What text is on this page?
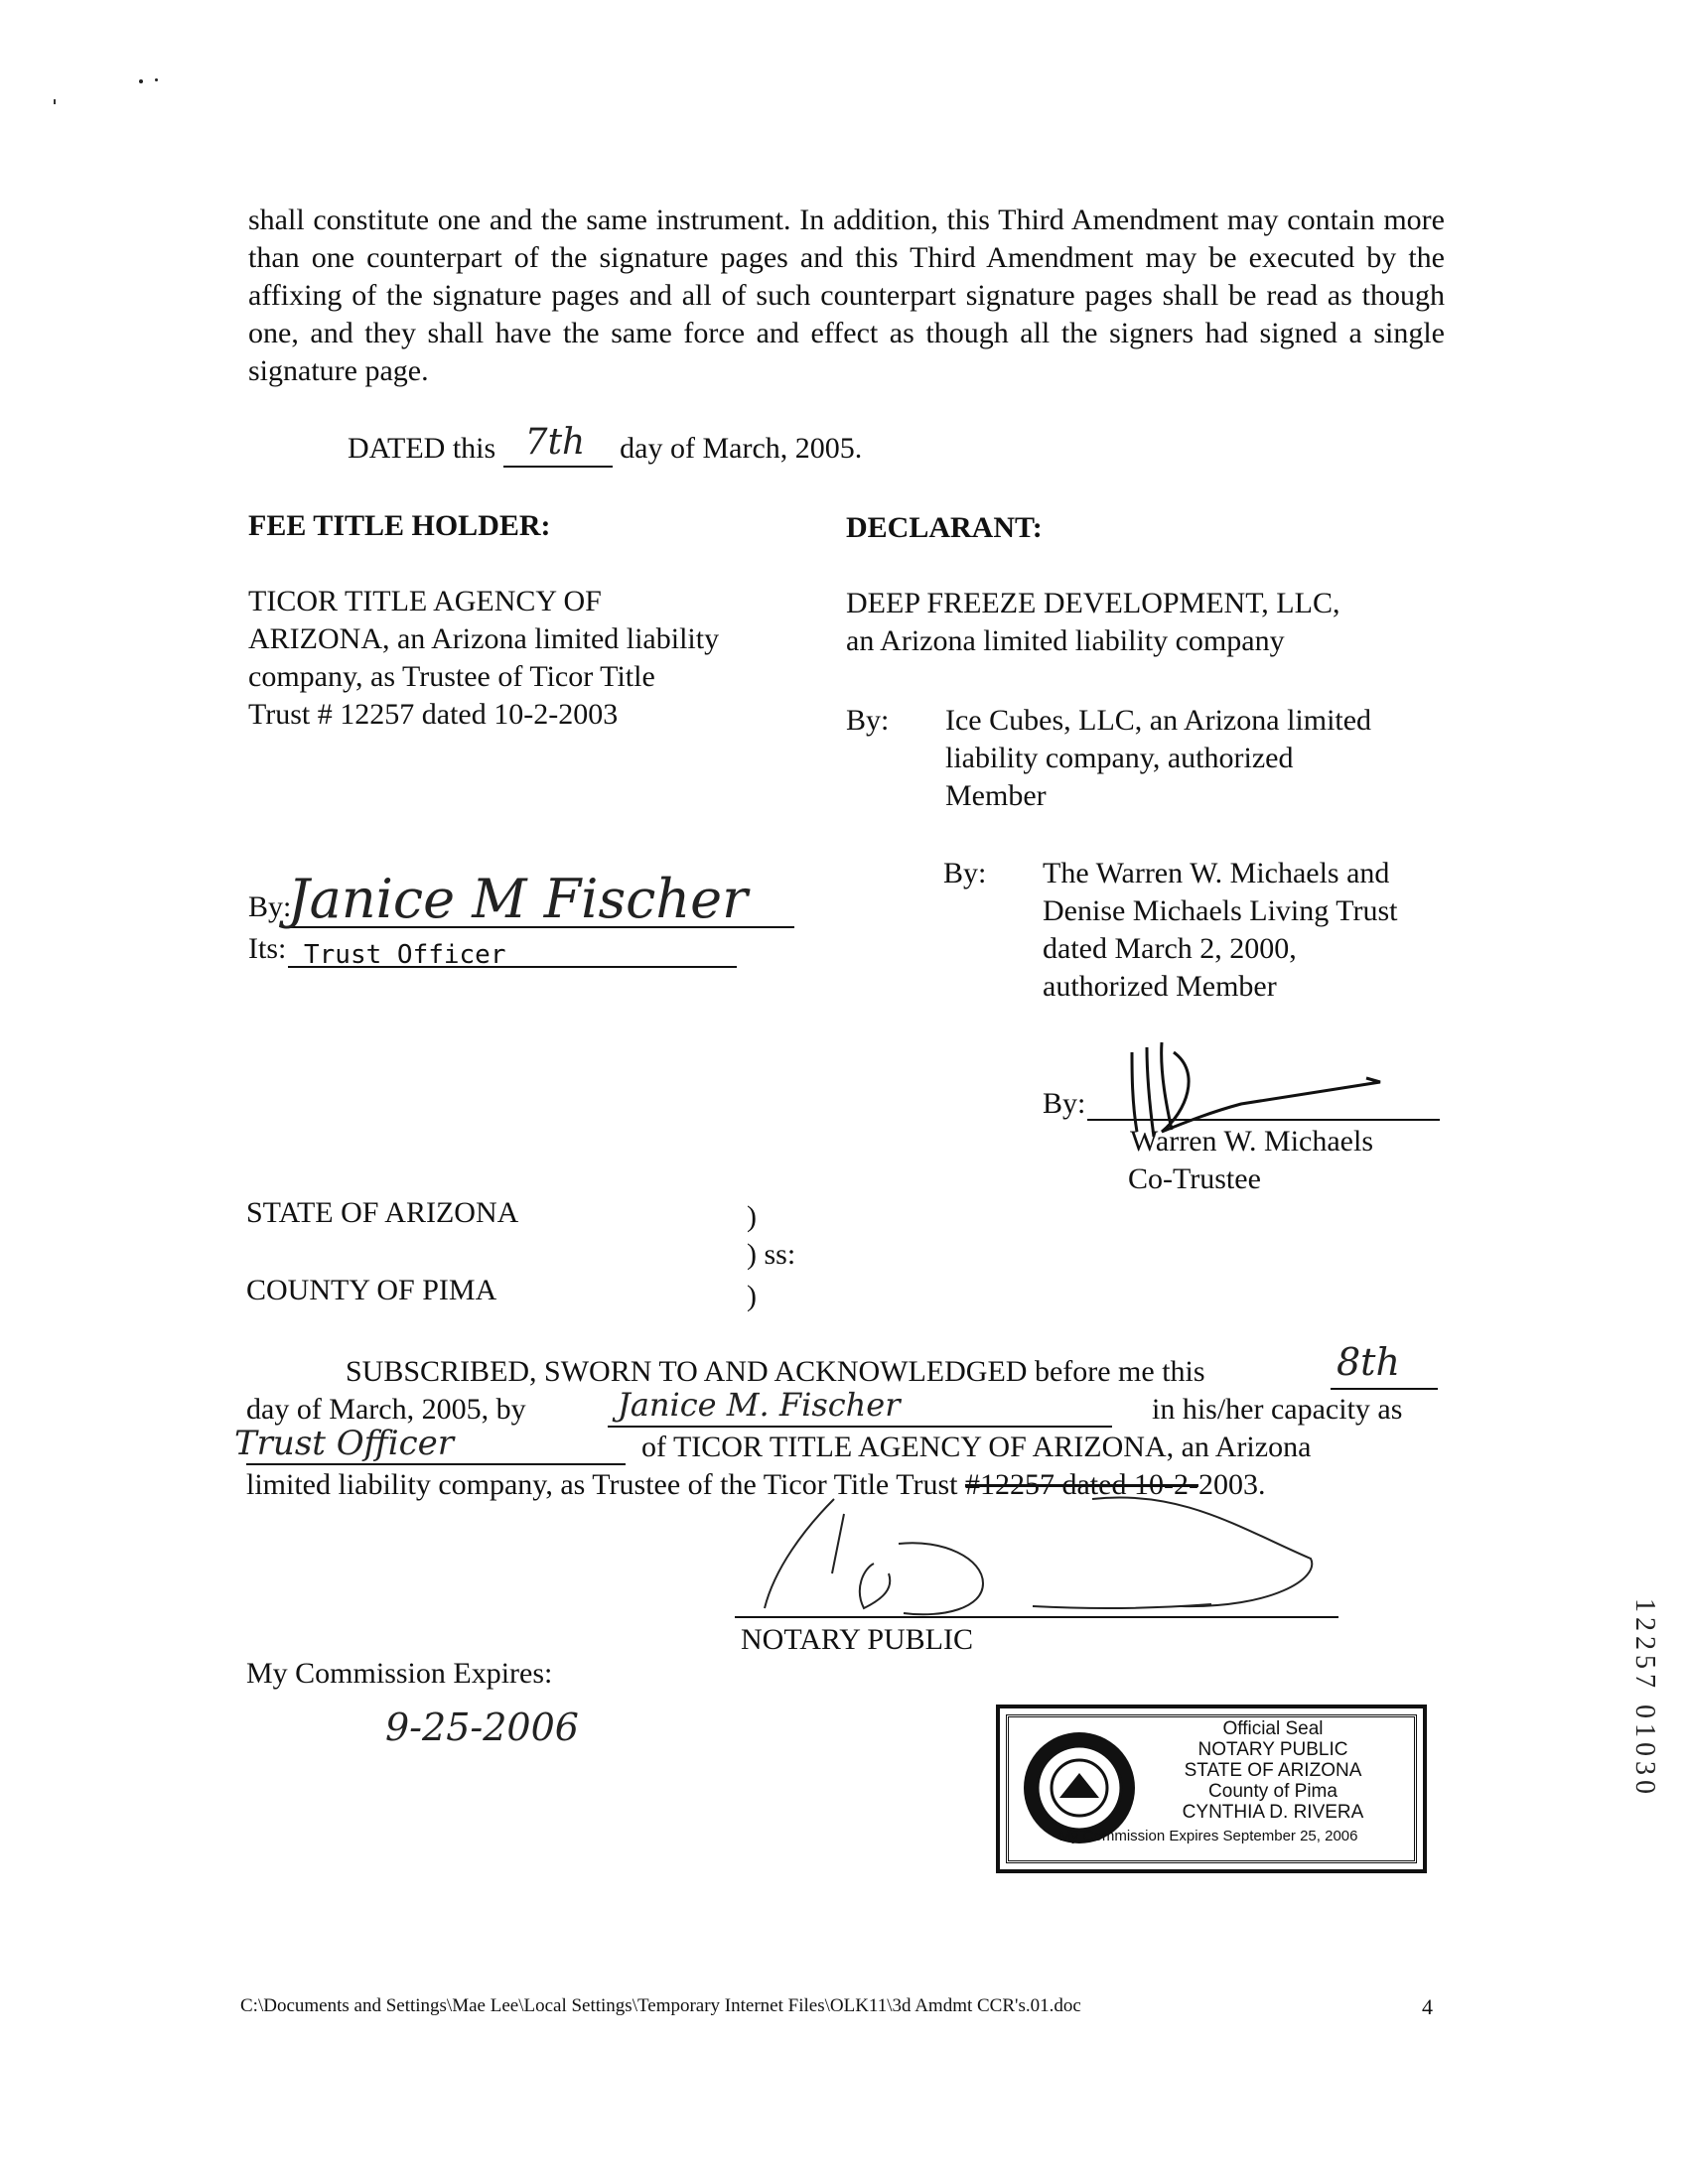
shall constitute one and the same instrument. In addition, this Third Amendment may contain more than one counterpart of the signature pages and this Third Amendment may be executed by the affixing of the signature pages and all of such counterpart signature pages shall be read as though one, and they shall have the same force and effect as though all the signers had signed a single signature page.
DATED this 7th day of March, 2005.
FEE TITLE HOLDER:	DECLARANT:
TICOR TITLE AGENCY OF
ARIZONA, an Arizona limited liability
company, as Trustee of Ticor Title
Trust # 12257 dated 10-2-2003
DEEP FREEZE DEVELOPMENT, LLC,
an Arizona limited liability company
By: Ice Cubes, LLC, an Arizona limited
liability company, authorized
Member
By: The Warren W. Michaels and
Denise Michaels Living Trust
dated March 2, 2000,
authorized Member
By:
Janice M Fischer
Its: Trust Officer
By:
Warren W. Michaels
Co-Trustee
STATE OF ARIZONA	)
) ss:
COUNTY OF PIMA	)
SUBSCRIBED, SWORN TO AND ACKNOWLEDGED before me this	8th
day of March, 2005, by	Janice M. Fischer	in his/her capacity as
Trust Officer	of TICOR TITLE AGENCY OF ARIZONA, an Arizona
limited liability company, as Trustee of the Ticor Title Trust #12257 dated 10-2-2003.
NOTARY PUBLIC
My Commission Expires:
9-25-2006	Official Seal
NOTARY PUBLIC
STATE OF ARIZONA
County of Pima
CYNTHIA D. RIVERA
My Commission Expires September 25, 2006
12257 01030
C:\Documents and Settings\Mae Lee\Local Settings\Temporary Internet Files\OLK11\3d Amdmt CCR's.01.doc	4
